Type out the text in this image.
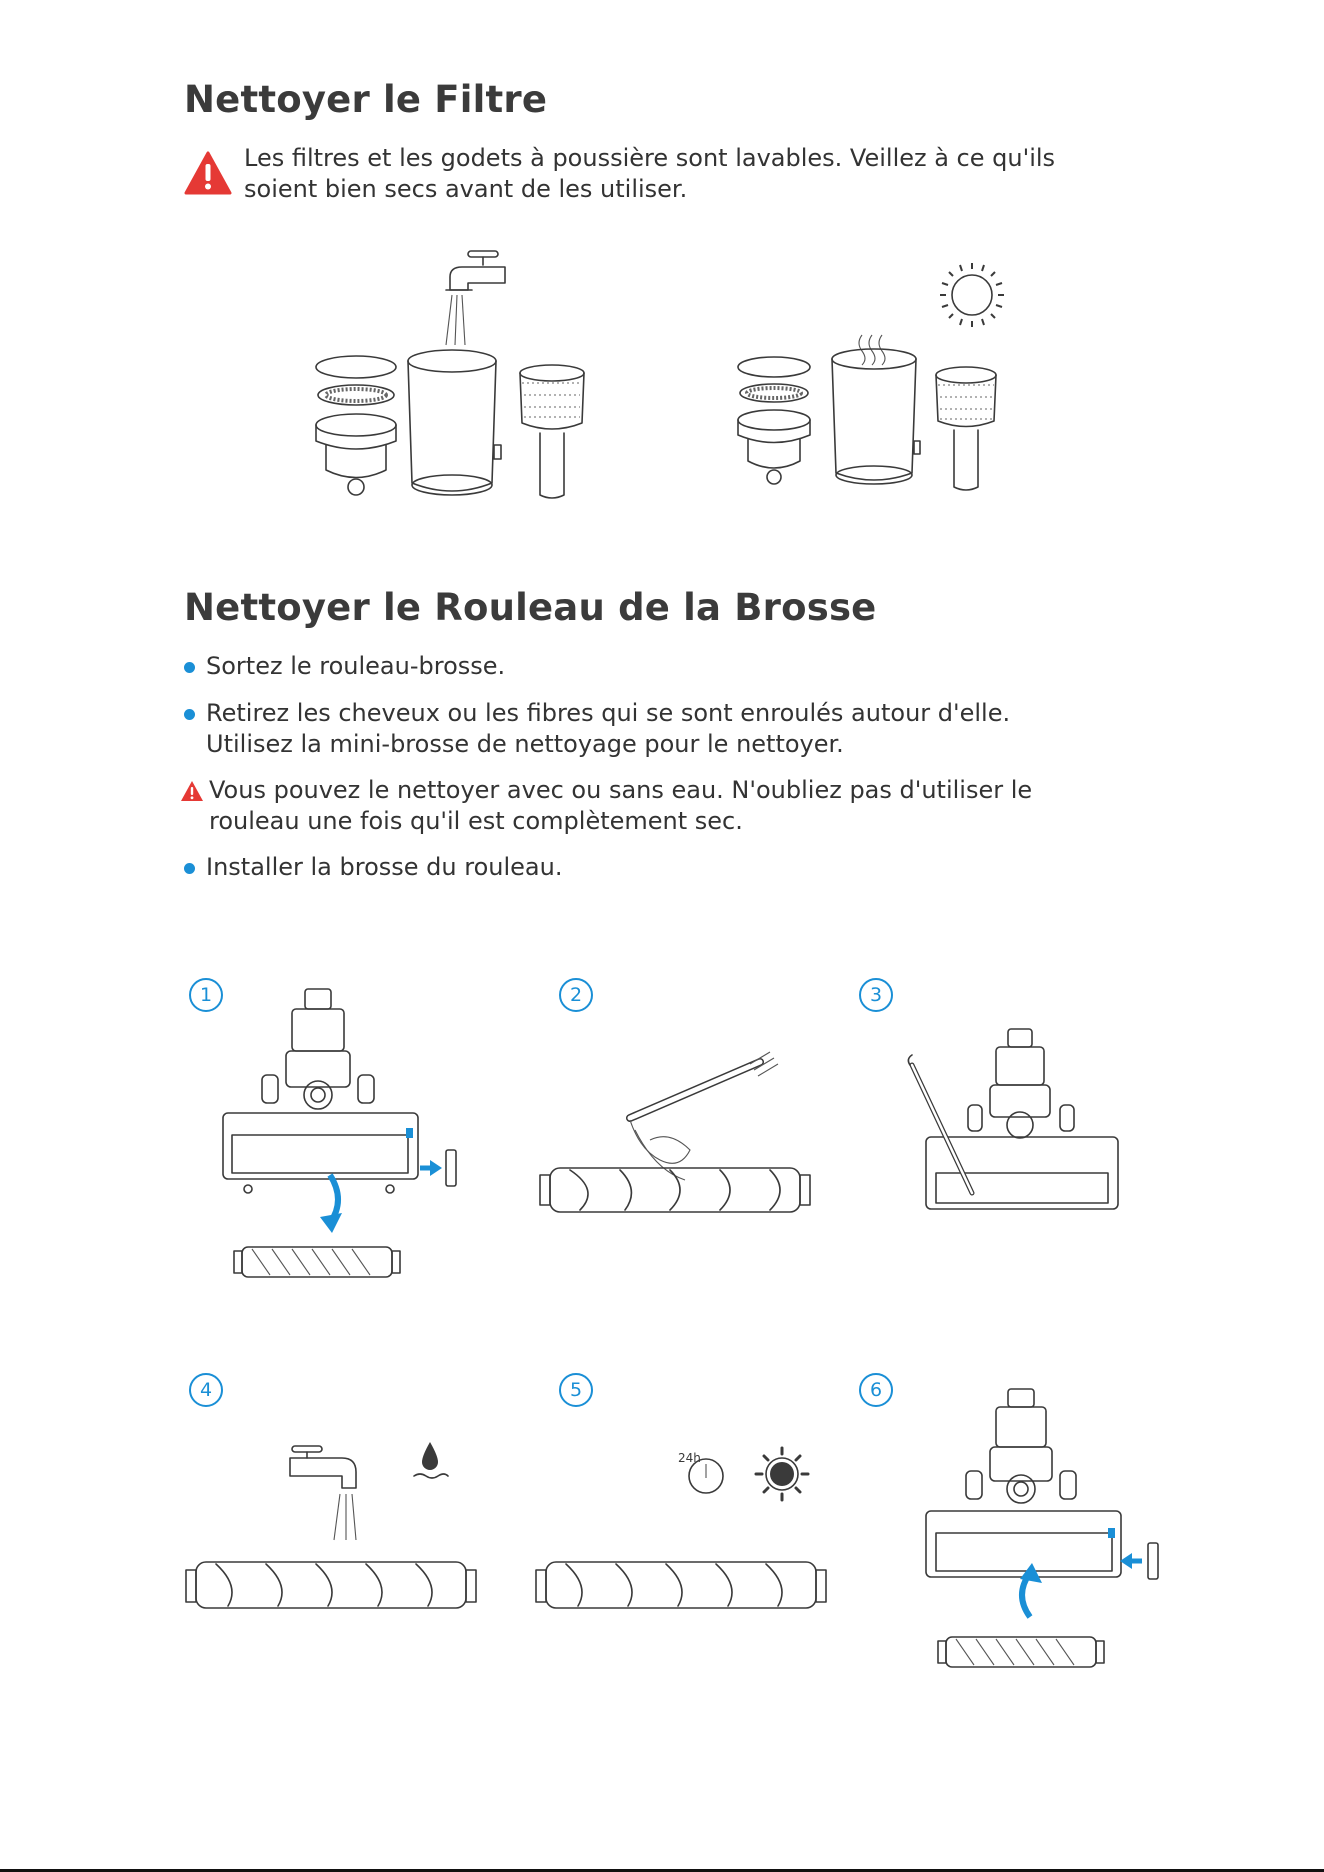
Nettoyer le Filtre
Les filtres et les godets à poussière sont lavables. Veillez à ce qu'ils soient bien secs avant de les utiliser.
Nettoyer le Rouleau de la Brosse
Sortez le rouleau-brosse.
Retirez les cheveux ou les fibres qui se sont enroulés autour d'elle. Utilisez la mini-brosse de nettoyage pour le nettoyer.
Vous pouvez le nettoyer avec ou sans eau. N'oubliez pas d'utiliser le rouleau une fois qu'il est complètement sec.
Installer la brosse du rouleau.
1	2	3
4	5	6
24h
